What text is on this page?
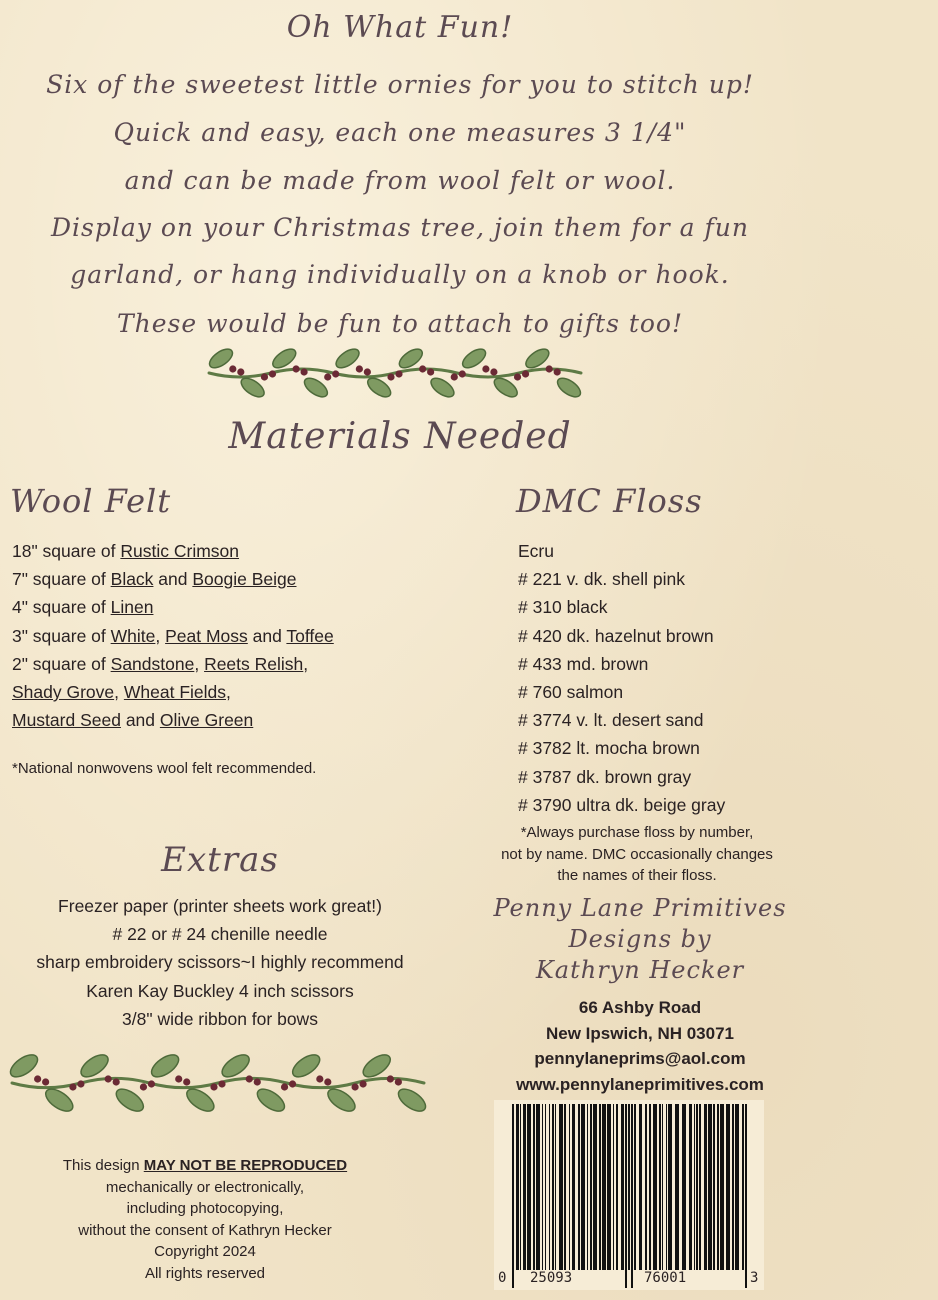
Oh What Fun!
Six of the sweetest little ornies for you to stitch up!
Quick and easy, each one measures 3 1/4"
and can be made from wool felt or wool.
Display on your Christmas tree, join them for a fun
garland, or hang individually on a knob or hook.
These would be fun to attach to gifts too!
Materials Needed
Wool Felt	DMC Floss
18" square of Rustic Crimson
7" square of Black and Boogie Beige
4" square of Linen
3" square of White, Peat Moss and Toffee
2" square of Sandstone, Reets Relish,
Shady Grove, Wheat Fields,
Mustard Seed and Olive Green
*National nonwovens wool felt recommended.
Ecru
# 221 v. dk. shell pink
# 310 black
# 420 dk. hazelnut brown
# 433 md. brown
# 760 salmon
# 3774 v. lt. desert sand
# 3782 lt. mocha brown
# 3787 dk. brown gray
# 3790 ultra dk. beige gray
*Always purchase floss by number,
not by name. DMC occasionally changes
the names of their floss.
Extras
Freezer paper (printer sheets work great!)
# 22 or # 24 chenille needle
sharp embroidery scissors~I highly recommend
Karen Kay Buckley 4 inch scissors
3/8" wide ribbon for bows
Penny Lane Primitives
Designs by
Kathryn Hecker
66 Ashby Road
New Ipswich, NH 03071
pennylaneprims@aol.com
www.pennylaneprimitives.com
This design MAY NOT BE REPRODUCED
mechanically or electronically,
including photocopying,
without the consent of Kathryn Hecker
Copyright 2024
All rights reserved	0 25093	76001	3
